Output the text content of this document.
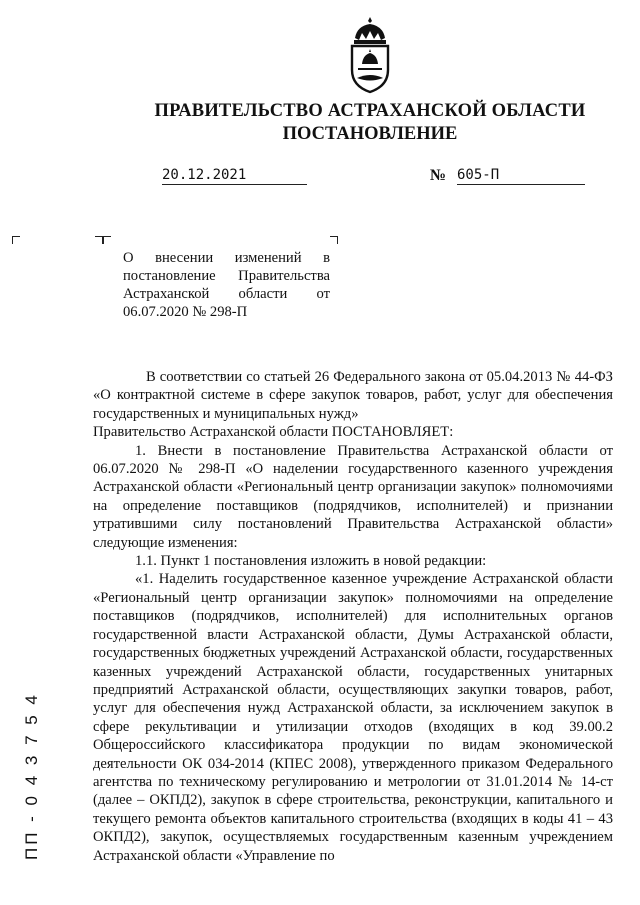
ПРАВИТЕЛЬСТВО АСТРАХАНСКОЙ ОБЛАСТИ
ПОСТАНОВЛЕНИЕ
20.12.2021	№ 605-П
О внесении изменений в постановление Правительства Астраханской области от 06.07.2020 № 298-П

В соответствии со статьей 26 Федерального закона от 05.04.2013 № 44-ФЗ «О контрактной системе в сфере закупок товаров, работ, услуг для обеспечения государственных и муниципальных нужд»

Правительство Астраханской области ПОСТАНОВЛЯЕТ:

1. Внести в постановление Правительства Астраханской области от 06.07.2020 № 298-П «О наделении государственного казенного учреждения Астраханской области «Региональный центр организации закупок» полномочиями на определение поставщиков (подрядчиков, исполнителей) и признании утратившими силу постановлений Правительства Астраханской области» следующие изменения:

1.1. Пункт 1 постановления изложить в новой редакции:

«1. Наделить государственное казенное учреждение Астраханской области «Региональный центр организации закупок» полномочиями на определение поставщиков (подрядчиков, исполнителей) для исполнительных органов государственной власти Астраханской области, Думы Астраханской области, государственных бюджетных учреждений Астраханской области, государственных казенных учреждений Астраханской области, государственных унитарных предприятий Астраханской области, осуществляющих закупки товаров, работ, услуг для обеспечения нужд Астраханской области, за исключением закупок в сфере рекультивации и утилизации отходов (входящих в код 39.00.2 Общероссийского классификатора продукции по видам экономической деятельности ОК 034-2014 (КПЕС 2008), утвержденного приказом Федерального агентства по техническому регулированию и метрологии от 31.01.2014 № 14-ст (далее – ОКПД2), закупок в сфере строительства, реконструкции, капитального и текущего ремонта объектов капитального строительства (входящих в коды 41 – 43 ОКПД2), закупок, осуществляемых государственным казенным учреждением Астраханской области «Управление по

ПП - 0 4 3 7 5 4
